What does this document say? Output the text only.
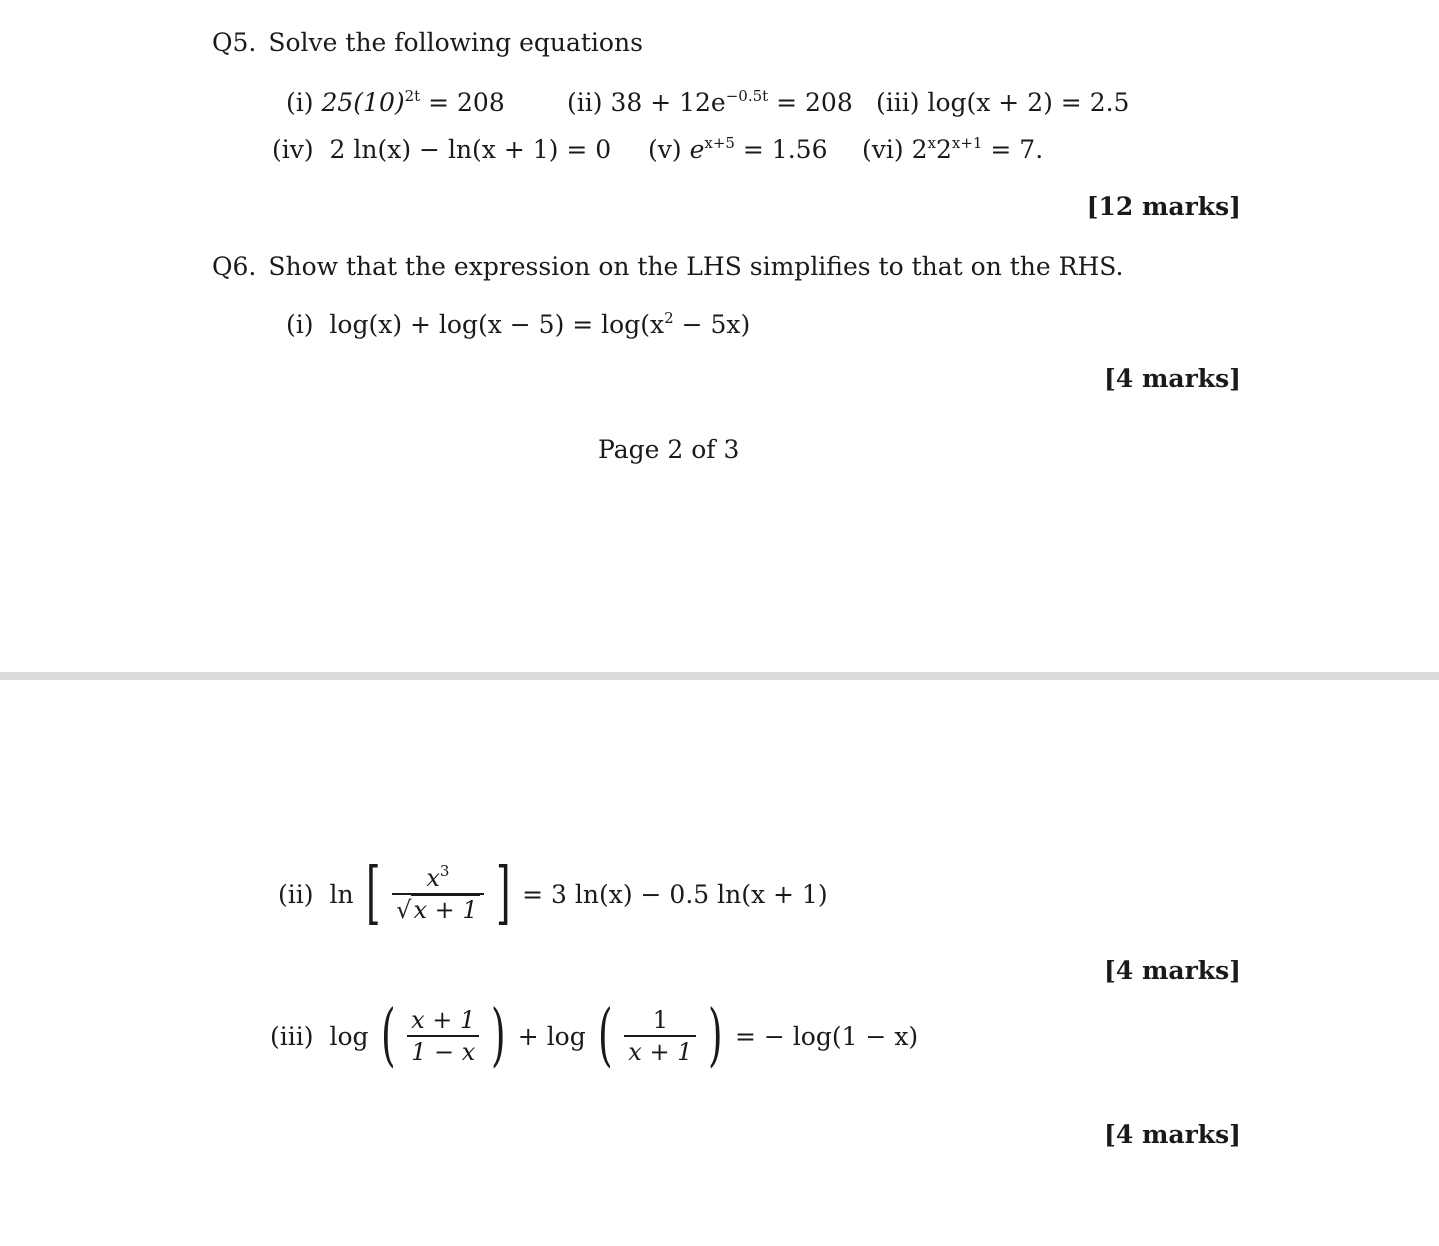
Q5. Solve the following equations
(i) $25(10)^{2t} = 208$ (ii) $38 + 12e^{-0.5t} = 208$ (iii) log(x + 2) = 2.5
(iv) 2 ln(x) − ln(x + 1) = 0 (v) $e^{x+5} = 1.56$ (vi) $2^x2^{x+1} = 7$.
[12 marks]
Q6. Show that the expression on the LHS simplifies to that on the RHS.
(i) $\log(x) + \log(x - 5) = \log(x^2 - 5x)$
[4 marks]
Page 2 of 3
(ii) ln [ $\frac{x^3}{√x + 1}$ ] = 3 ln(x) − 0.5 ln(x + 1)
[4 marks]
(iii) log ( $\frac{x + 1}{1 - x}$ ) + log ( $\frac{1}{x + 1}$ ) = − log(1 − x)
[4 marks]
